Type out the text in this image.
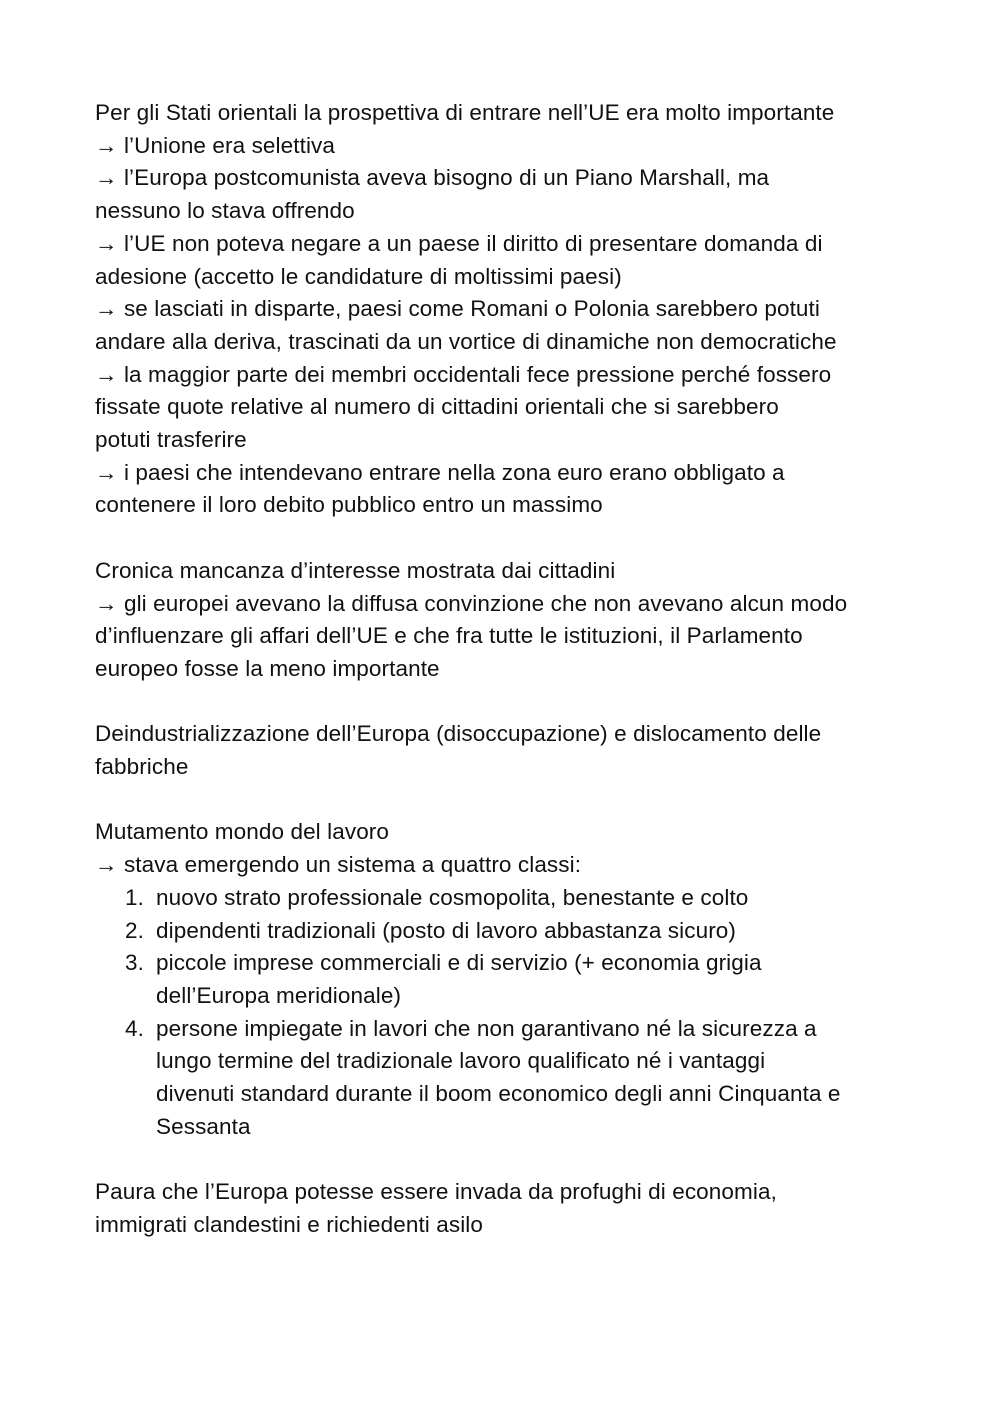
Per gli Stati orientali la prospettiva di entrare nell’UE era molto importante
→ l’Unione era selettiva
→ l’Europa postcomunista aveva bisogno di un Piano Marshall, ma
nessuno lo stava offrendo
→ l’UE non poteva negare a un paese il diritto di presentare domanda di
adesione (accetto le candidature di moltissimi paesi)
→ se lasciati in disparte, paesi come Romani o Polonia sarebbero potuti
andare alla deriva, trascinati da un vortice di dinamiche non democratiche
→ la maggior parte dei membri occidentali fece pressione perché fossero
fissate quote relative al numero di cittadini orientali che si sarebbero
potuti trasferire
→ i paesi che intendevano entrare nella zona euro erano obbligato a
contenere il loro debito pubblico entro un massimo
Cronica mancanza d’interesse mostrata dai cittadini
→ gli europei avevano la diffusa convinzione che non avevano alcun modo
d’influenzare gli affari dell’UE e che fra tutte le istituzioni, il Parlamento
europeo fosse la meno importante
Deindustrializzazione dell’Europa (disoccupazione) e dislocamento delle
fabbriche
Mutamento mondo del lavoro
→ stava emergendo un sistema a quattro classi:
1. nuovo strato professionale cosmopolita, benestante e colto
2. dipendenti tradizionali (posto di lavoro abbastanza sicuro)
3. piccole imprese commerciali e di servizio (+ economia grigia
dell’Europa meridionale)
4. persone impiegate in lavori che non garantivano né la sicurezza a
lungo termine del tradizionale lavoro qualificato né i vantaggi
divenuti standard durante il boom economico degli anni Cinquanta e
Sessanta
Paura che l’Europa potesse essere invada da profughi di economia,
immigrati clandestini e richiedenti asilo
